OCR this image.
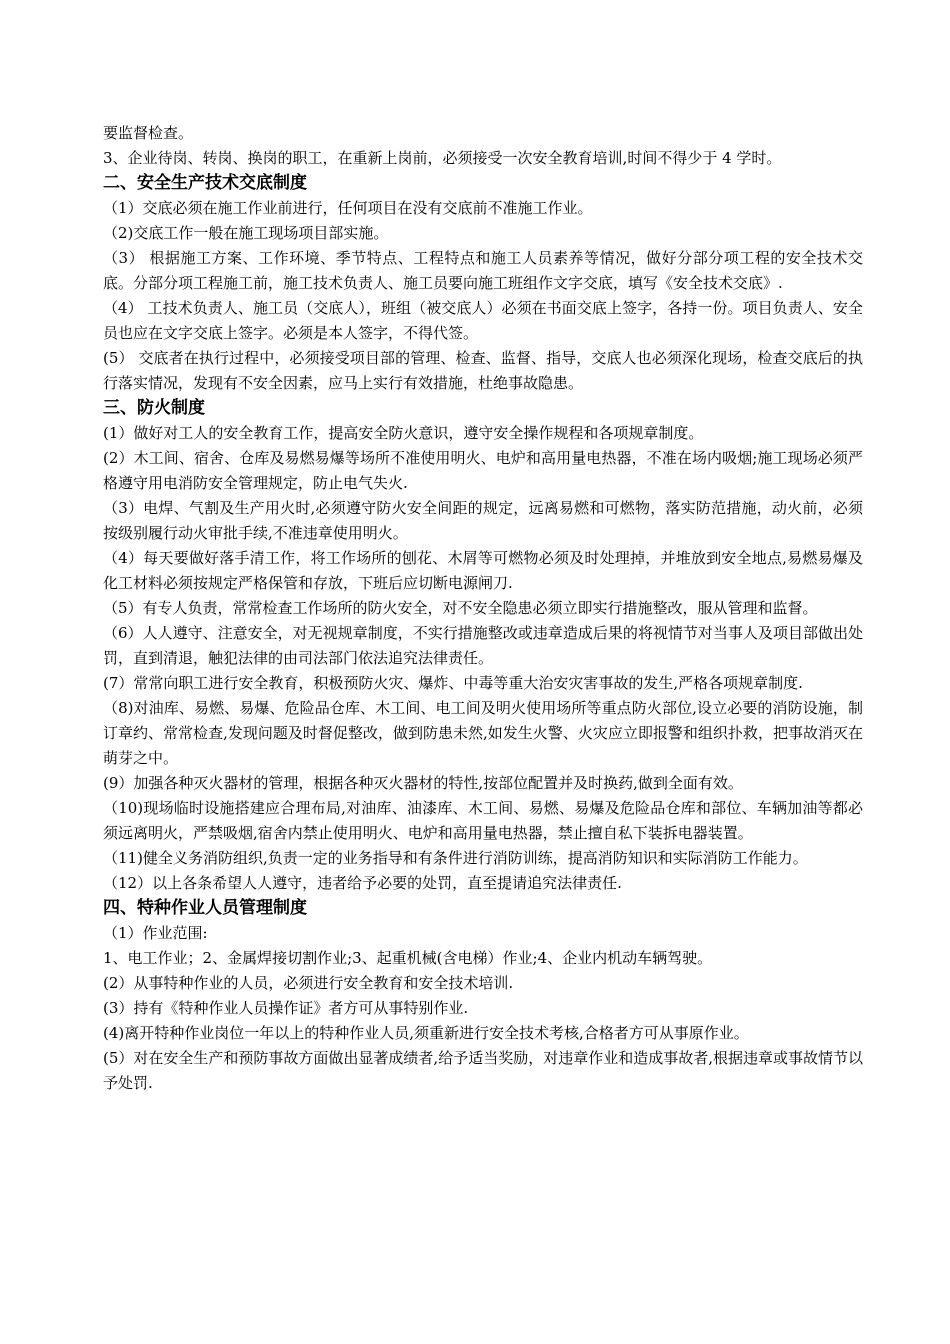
要监督检查。

3、企业待岗、转岗、换岗的职工，在重新上岗前，必须接受一次安全教育培训,时间不得少于 4 学时。

二、安全生产技术交底制度

（1）交底必须在施工作业前进行，任何项目在没有交底前不准施工作业。

（2)交底工作一般在施工现场项目部实施。

（3） 根据施工方案、工作环境、季节特点、工程特点和施工人员素养等情况，做好分部分项工程的安全技术交底。分部分项工程施工前，施工技术负责人、施工员要向施工班组作文字交底，填写《安全技术交底》.

（4） 工技术负责人、施工员（交底人），班组（被交底人）必须在书面交底上签字，各持一份。项目负责人、安全员也应在文字交底上签字。必须是本人签字，不得代签。

(5） 交底者在执行过程中，必须接受项目部的管理、检查、监督、指导，交底人也必须深化现场，检查交底后的执行落实情况，发现有不安全因素，应马上实行有效措施，杜绝事故隐患。

三、防火制度

(1）做好对工人的安全教育工作，提高安全防火意识，遵守安全操作规程和各项规章制度。

(2）木工间、宿舍、仓库及易燃易爆等场所不准使用明火、电炉和高用量电热器，不准在场内吸烟;施工现场必须严格遵守用电消防安全管理规定，防止电气失火.

（3）电焊、气割及生产用火时,必须遵守防火安全间距的规定，远离易燃和可燃物，落实防范措施，动火前，必须按级别履行动火审批手续,不准违章使用明火。

（4）每天要做好落手清工作，将工作场所的刨花、木屑等可燃物必须及时处理掉，并堆放到安全地点,易燃易爆及化工材料必须按规定严格保管和存放，下班后应切断电源闸刀.

（5）有专人负责，常常检查工作场所的防火安全，对不安全隐患必须立即实行措施整改，服从管理和监督。

（6）人人遵守、注意安全，对无视规章制度，不实行措施整改或违章造成后果的将视情节对当事人及项目部做出处罚，直到清退，触犯法律的由司法部门依法追究法律责任。

(7）常常向职工进行安全教育，积极预防火灾、爆炸、中毒等重大治安灾害事故的发生,严格各项规章制度.

（8)对油库、易燃、易爆、危险品仓库、木工间、电工间及明火使用场所等重点防火部位,设立必要的消防设施，制订章约、常常检查,发现问题及时督促整改，做到防患未然,如发生火警、火灾应立即报警和组织扑救，把事故消灭在萌芽之中。

(9）加强各种灭火器材的管理，根据各种灭火器材的特性,按部位配置并及时换药,做到全面有效。

（10)现场临时设施搭建应合理布局,对油库、油漆库、木工间、易燃、易爆及危险品仓库和部位、车辆加油等都必须远离明火，严禁吸烟,宿舍内禁止使用明火、电炉和高用量电热器，禁止擅自私下装拆电器装置。

（11)健全义务消防组织,负责一定的业务指导和有条件进行消防训练，提高消防知识和实际消防工作能力。

（12）以上各条希望人人遵守，违者给予必要的处罚，直至提请追究法律责任.

四、特种作业人员管理制度

（1）作业范围:

1、电工作业；2、金属焊接切割作业;3、起重机械(含电梯）作业;4、企业内机动车辆驾驶。

(2）从事特种作业的人员，必须进行安全教育和安全技术培训.

(3）持有《特种作业人员操作证》者方可从事特别作业.

(4)离开特种作业岗位一年以上的特种作业人员,须重新进行安全技术考核,合格者方可从事原作业。

(5）对在安全生产和预防事故方面做出显著成绩者,给予适当奖励，对违章作业和造成事故者,根据违章或事故情节以予处罚.
